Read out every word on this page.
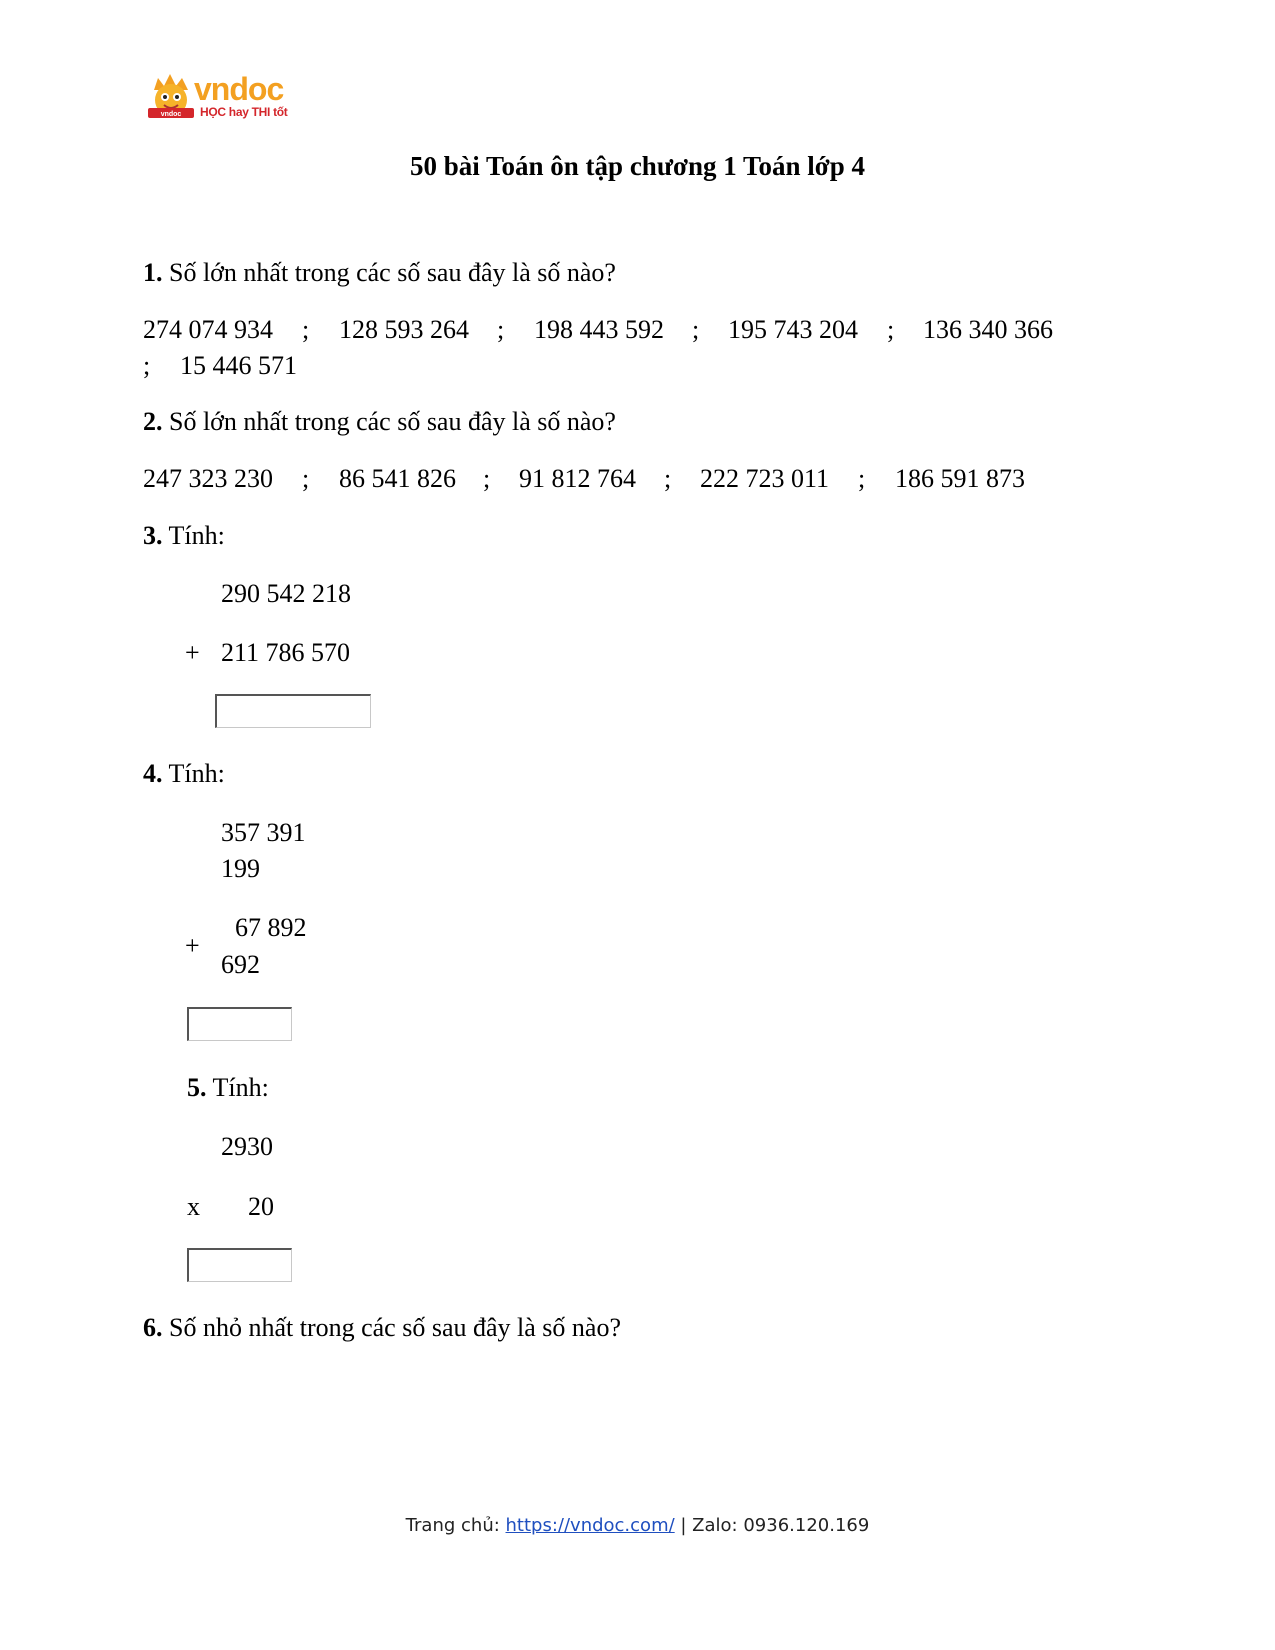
vndoc
vndoc
HỌC hay THI tốt
50 bài Toán ôn tập chương 1 Toán lớp 4
1. Số lớn nhất trong các số sau đây là số nào?
274 074 934 ; 128 593 264 ; 198 443 592 ; 195 743 204 ; 136 340 366
; 15 446 571
2. Số lớn nhất trong các số sau đây là số nào?
247 323 230 ; 86 541 826 ; 91 812 764 ; 222 723 011 ; 186 591 873
3. Tính:
290 542 218
+ 211 786 570
4. Tính:
357 391
199
67 892
+
692
5. Tính:
2930
x 20
6. Số nhỏ nhất trong các số sau đây là số nào?
Trang chủ: https://vndoc.com/ | Zalo: 0936.120.169
